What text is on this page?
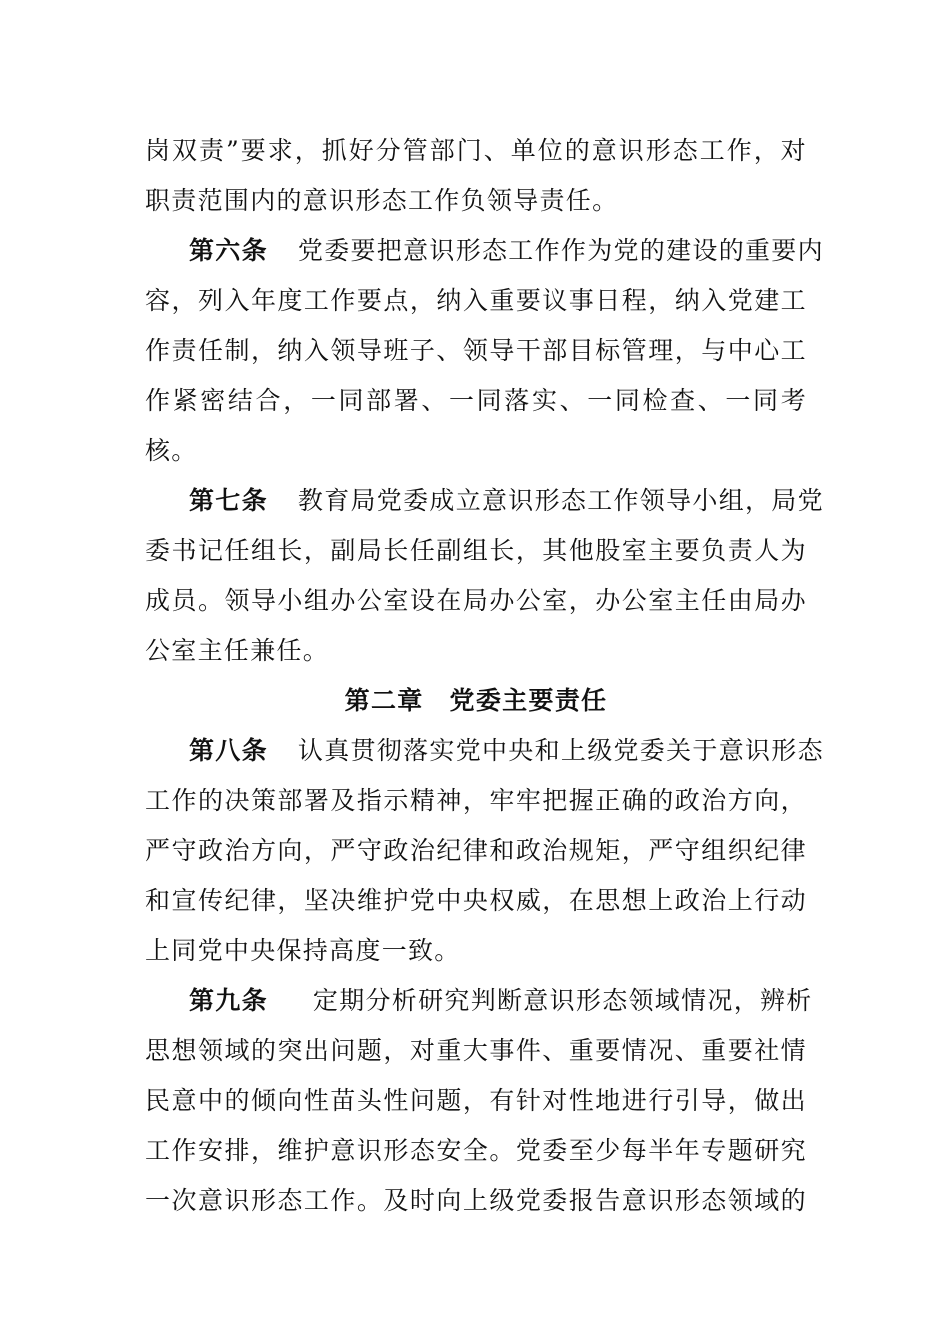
岗双责”要求，抓好分管部门、单位的意识形态工作，对
职责范围内的意识形态工作负领导责任。
第六条 党委要把意识形态工作作为党的建设的重要内
容，列入年度工作要点，纳入重要议事日程，纳入党建工
作责任制，纳入领导班子、领导干部目标管理，与中心工
作紧密结合，一同部署、一同落实、一同检查、一同考
核。
第七条 教育局党委成立意识形态工作领导小组，局党
委书记任组长，副局长任副组长，其他股室主要负责人为
成员。领导小组办公室设在局办公室，办公室主任由局办
公室主任兼任。
第二章 党委主要责任
第八条 认真贯彻落实党中央和上级党委关于意识形态
工作的决策部署及指示精神，牢牢把握正确的政治方向，
严守政治方向，严守政治纪律和政治规矩，严守组织纪律
和宣传纪律，坚决维护党中央权威，在思想上政治上行动
上同党中央保持高度一致。
第九条 定期分析研究判断意识形态领域情况，辨析
思想领域的突出问题，对重大事件、重要情况、重要社情
民意中的倾向性苗头性问题，有针对性地进行引导，做出
工作安排，维护意识形态安全。党委至少每半年专题研究
一次意识形态工作。及时向上级党委报告意识形态领域的
